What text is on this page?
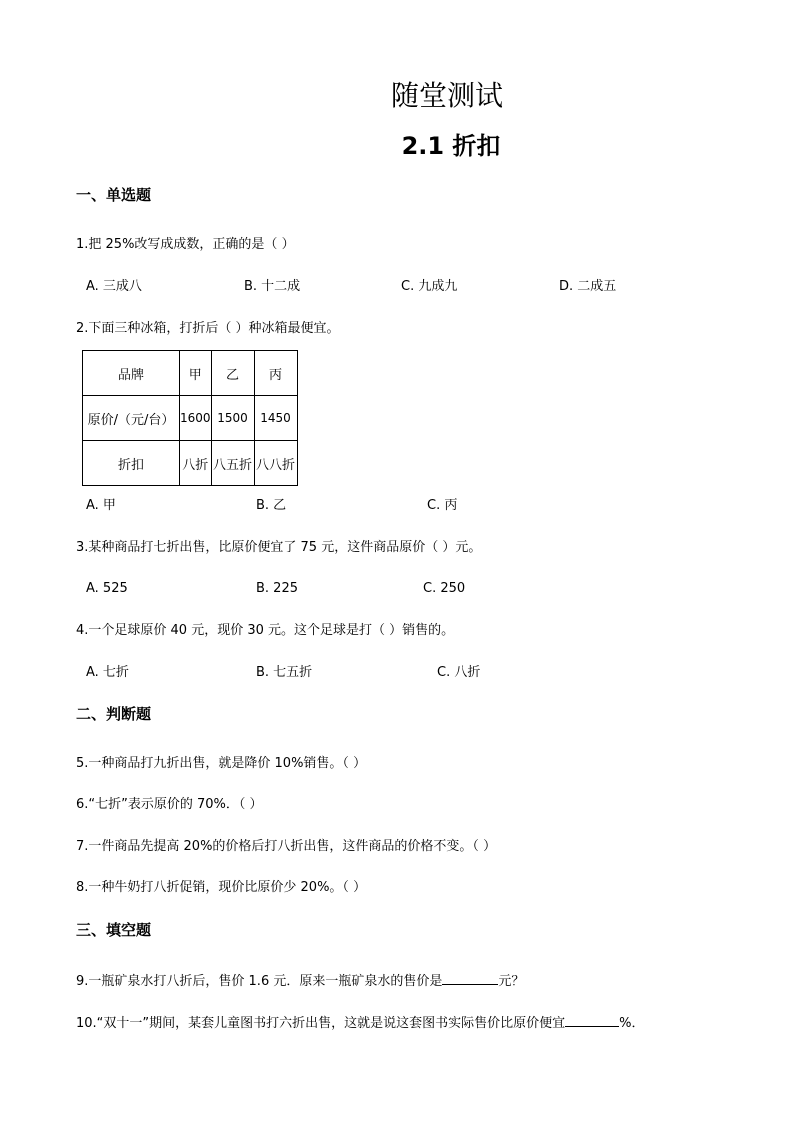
随堂测试
2.1 折扣
一、单选题
1.把 25%改写成成数，正确的是（ ）
A. 三成八	B. 十二成	C. 九成九	D. 二成五
2.下面三种冰箱，打折后（ ）种冰箱最便宜。
品牌	甲	乙	丙
原价/（元/台）	1600	1500	1450
折扣	八折	八五折	八八折
A. 甲	B. 乙	C. 丙
3.某种商品打七折出售，比原价便宜了 75 元，这件商品原价（ ）元。
A. 525	B. 225	C. 250
4.一个足球原价 40 元，现价 30 元。这个足球是打（ ）销售的。
A. 七折	B. 七五折	C. 八折
二、判断题
5.一种商品打九折出售，就是降价 10%销售。（ ）
6.“七折”表示原价的 70%．（ ）
7.一件商品先提高 20%的价格后打八折出售，这件商品的价格不变。（ ）
8.一种牛奶打八折促销，现价比原价少 20%。（ ）
三、填空题
9.一瓶矿泉水打八折后，售价 1.6 元．原来一瓶矿泉水的售价是	元？
10.“双十一”期间，某套儿童图书打六折出售，这就是说这套图书实际售价比原价便宜	%．
